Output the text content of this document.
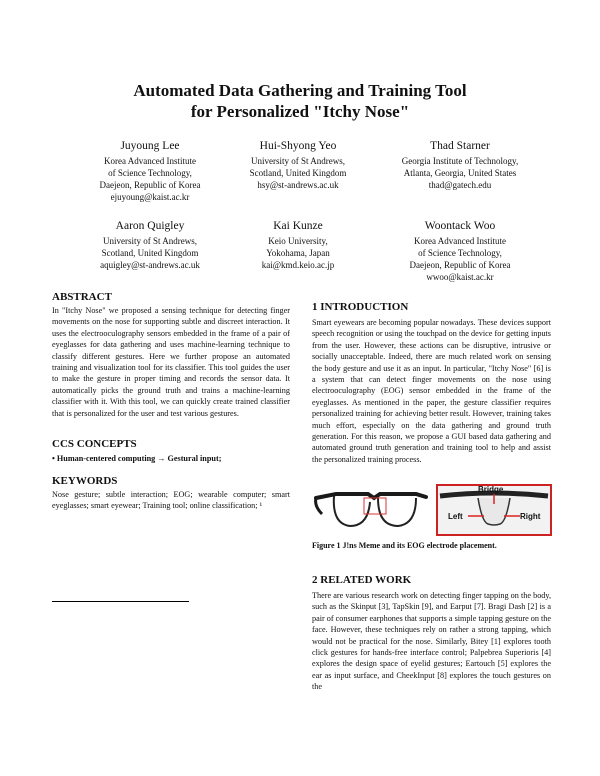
Automated Data Gathering and Training Tool
for Personalized "Itchy Nose"
Juyoung Lee
Korea Advanced Institute
of Science Technology,
Daejeon, Republic of Korea
ejuyoung@kaist.ac.kr
Hui-Shyong Yeo
University of St Andrews,
Scotland, United Kingdom
hsy@st-andrews.ac.uk
Thad Starner
Georgia Institute of Technology,
Atlanta, Georgia, United States
thad@gatech.edu
Aaron Quigley
University of St Andrews,
Scotland, United Kingdom
aquigley@st-andrews.ac.uk
Kai Kunze
Keio University,
Yokohama, Japan
kai@kmd.keio.ac.jp
Woontack Woo
Korea Advanced Institute
of Science Technology,
Daejeon, Republic of Korea
wwoo@kaist.ac.kr
ABSTRACT
In "Itchy Nose" we proposed a sensing technique for detecting finger movements on the nose for supporting subtle and discreet interaction. It uses the electrooculography sensors embedded in the frame of a pair of eyeglasses for data gathering and uses machine-learning technique to classify different gestures. Here we further propose an automated training and visualization tool for its classifier. This tool guides the user to make the gesture in proper timing and records the sensor data. It automatically picks the ground truth and trains a machine-learning classifier with it. With this tool, we can quickly create trained classifier that is personalized for the user and test various gestures.
CCS CONCEPTS
• Human-centered computing → Gestural input;
KEYWORDS
Nose gesture; subtle interaction; EOG; wearable computer; smart eyeglasses; smart eyewear; Training tool; online classification; ¹
1 INTRODUCTION
Smart eyewears are becoming popular nowadays. These devices support speech recognition or using the touchpad on the device for getting inputs from the user. However, these actions can be disruptive, intrusive or socially unacceptable. Indeed, there are much related work on sensing the body gesture and use it as an input. In particular, "Itchy Nose" [6] is a system that can detect finger movements on the nose using electrooculography (EOG) sensor embedded in the frame of the eyeglasses. As mentioned in the paper, the gesture classifier requires personalized training for achieving better result. However, training takes much effort, especially on the data gathering and ground truth generation. For this reason, we propose a GUI based data gathering and automated ground truth generation and training tool to help and assist the personalized training process.
Bridge
Left	Right
Figure 1 J!ns Meme and its EOG electrode placement.
2 RELATED WORK
There are various research work on detecting finger tapping on the body, such as the Skinput [3], TapSkin [9], and Earput [7]. Bragi Dash [2] is a pair of consumer earphones that supports a simple tapping gesture on the face. However, these techniques rely on rather a strong tapping, which would not be practical for the nose. Similarly, Bitey [1] explores tooth click gestures for hands-free interface control; Palpebrea Superioris [4] explores the design space of eyelid gestures; Eartouch [5] explores the ear as input surface, and CheekInput [8] explores the touch gestures on the
